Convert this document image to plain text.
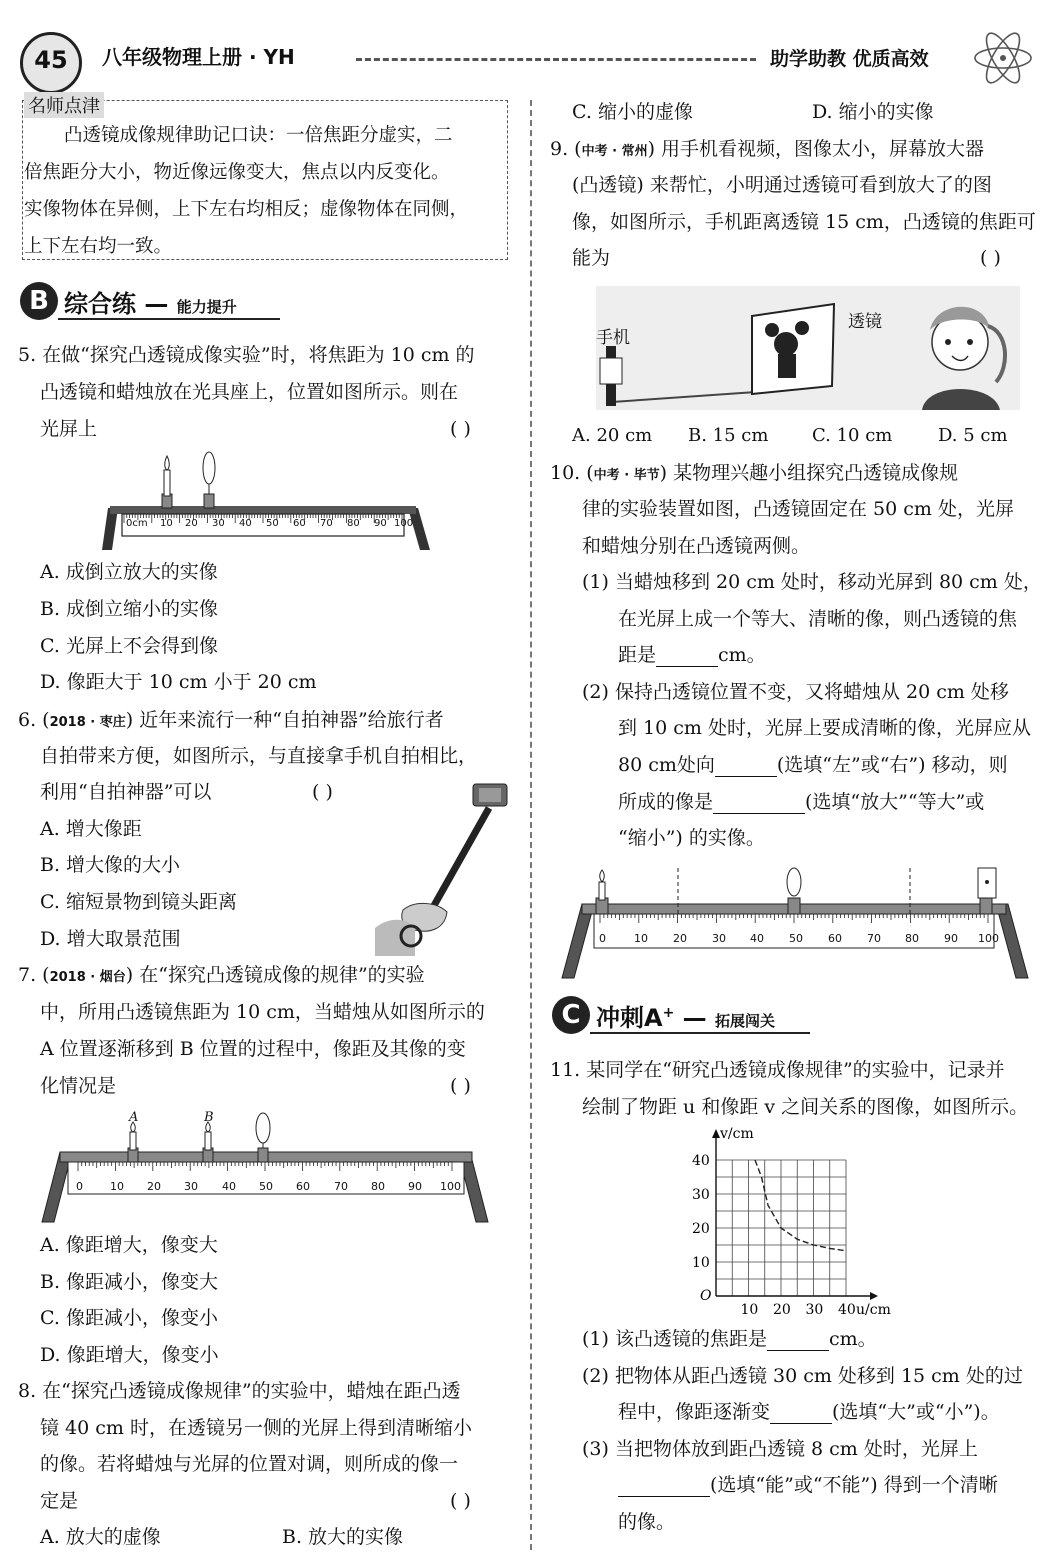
45	八年级物理上册 · YH	助学助教 优质高效
名师点津
凸透镜成像规律助记口诀：一倍焦距分虚实，二
倍焦距分大小，物近像远像变大，焦点以内反变化。
实像物体在异侧，上下左右均相反；虚像物体在同侧，
上下左右均一致。
B 综合练 — 能力提升
5. 在做“探究凸透镜成像实验”时，将焦距为 10 cm 的
凸透镜和蜡烛放在光具座上，位置如图所示。则在
光屏上	( )
0cm 10 20 30 40 50 60 70 80 90 100
A. 成倒立放大的实像
B. 成倒立缩小的实像
C. 光屏上不会得到像
D. 像距大于 10 cm 小于 20 cm
6. (2018 · 枣庄) 近年来流行一种“自拍神器”给旅行者
自拍带来方便，如图所示，与直接拿手机自拍相比，
利用“自拍神器”可以	( )
A. 增大像距
B. 增大像的大小
C. 缩短景物到镜头距离
D. 增大取景范围
7. (2018 · 烟台) 在“探究凸透镜成像的规律”的实验
中，所用凸透镜焦距为 10 cm，当蜡烛从如图所示的
A 位置逐渐移到 B 位置的过程中，像距及其像的变
化情况是	( )
A	B
0 10 20 30 40 50 60 70 80 90 100
A. 像距增大，像变大
B. 像距减小，像变大
C. 像距减小，像变小
D. 像距增大，像变小
8. 在“探究凸透镜成像规律”的实验中，蜡烛在距凸透
镜 40 cm 时，在透镜另一侧的光屏上得到清晰缩小
的像。若将蜡烛与光屏的位置对调，则所成的像一
定是	( )
A. 放大的虚像	B. 放大的实像
C. 缩小的虚像	D. 缩小的实像
9. (中考 · 常州) 用手机看视频，图像太小，屏幕放大器
(凸透镜) 来帮忙，小明通过透镜可看到放大了的图
像，如图所示，手机距离透镜 15 cm，凸透镜的焦距可
能为	( )
手机
透镜
A. 20 cm B. 15 cm C. 10 cm	D. 5 cm
10. (中考 · 毕节) 某物理兴趣小组探究凸透镜成像规
律的实验装置如图，凸透镜固定在 50 cm 处，光屏
和蜡烛分别在凸透镜两侧。
(1) 当蜡烛移到 20 cm 处时，移动光屏到 80 cm 处，
在光屏上成一个等大、清晰的像，则凸透镜的焦
距是	cm。
(2) 保持凸透镜位置不变，又将蜡烛从 20 cm 处移
到 10 cm 处时，光屏上要成清晰的像，光屏应从
80 cm处向	(选填“左”或“右”) 移动，则
所成的像是	(选填“放大”“等大”或
“缩小”) 的实像。
0	10 20 30 40 50 60 70 80 90 100
C 冲刺A+ — 拓展闯关
11. 某同学在“研究凸透镜成像规律”的实验中，记录并
绘制了物距 u 和像距 v 之间关系的图像，如图所示。
10 20 30 40
10
20
30
40
O
u/cm
v/cm
(1) 该凸透镜的焦距是	cm。
(2) 把物体从距凸透镜 30 cm 处移到 15 cm 处的过
程中，像距逐渐变	(选填“大”或“小”)。
(3) 当把物体放到距凸透镜 8 cm 处时，光屏上
(选填“能”或“不能”) 得到一个清晰
的像。
